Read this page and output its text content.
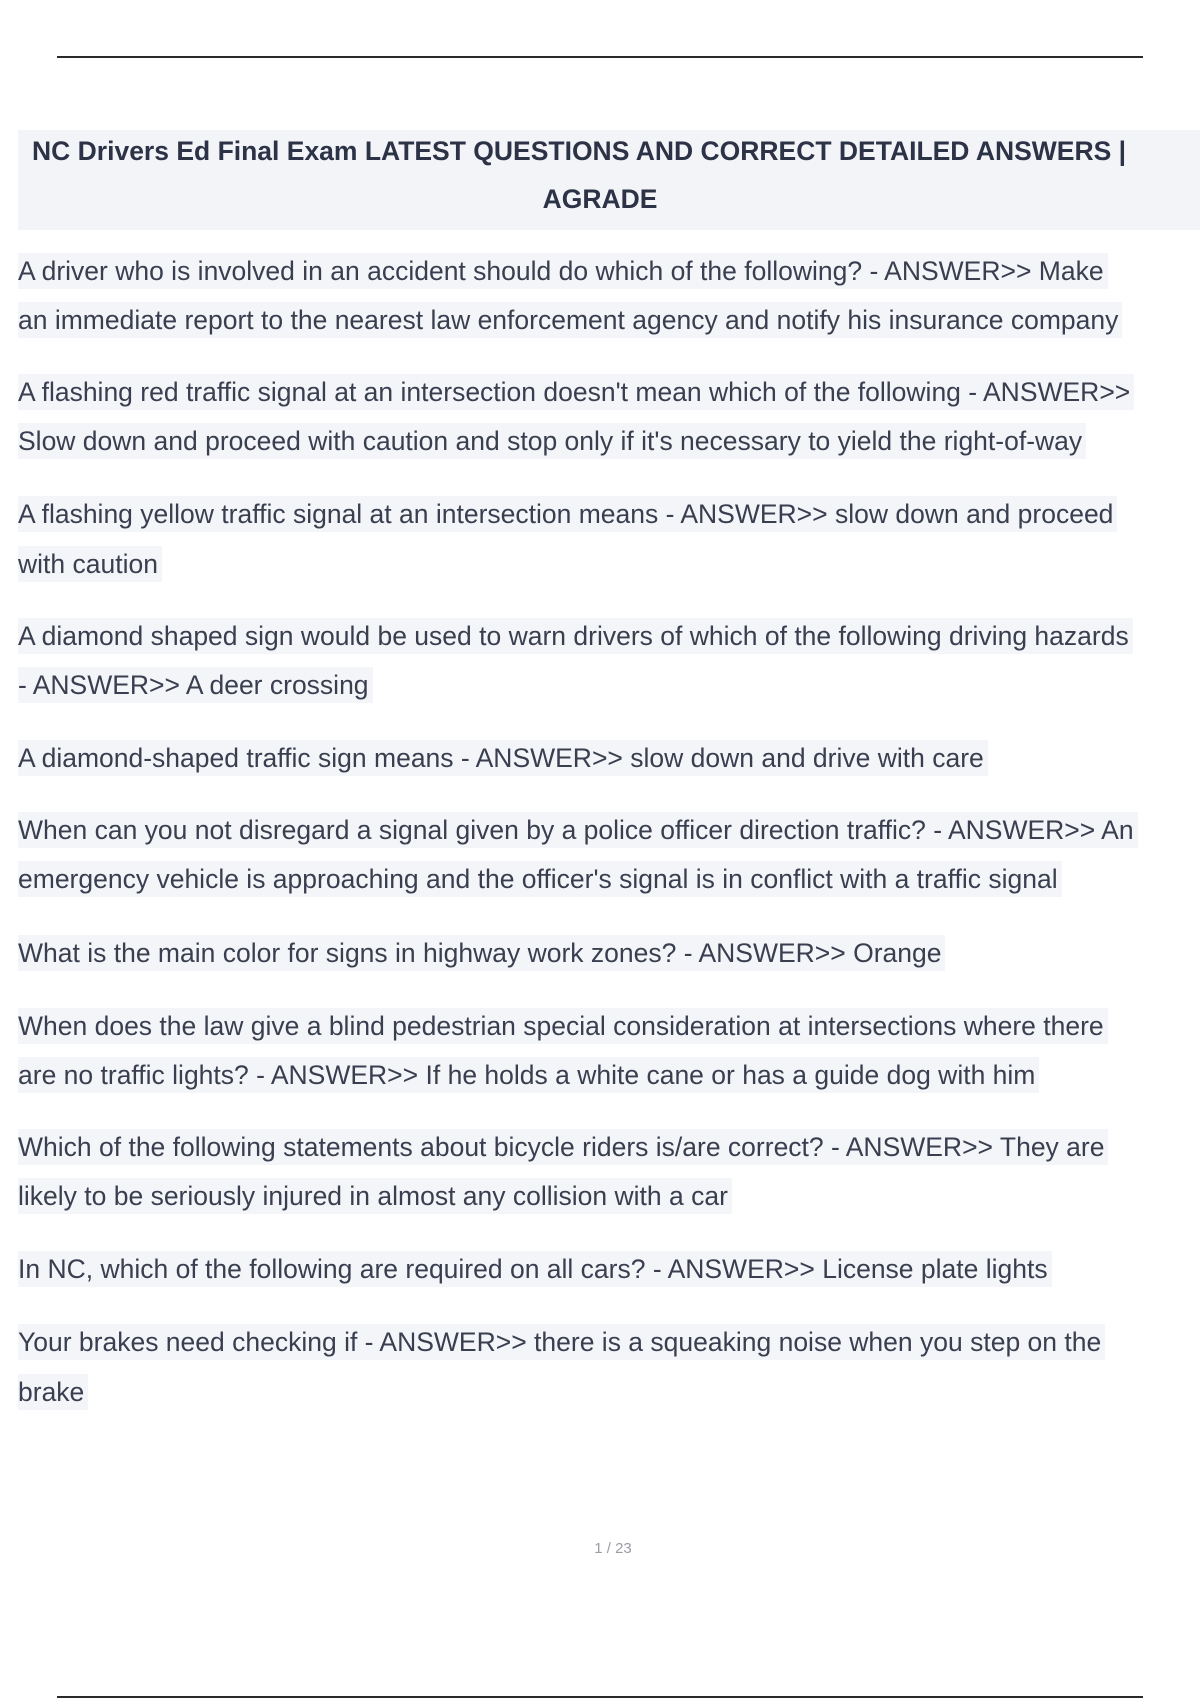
NC Drivers Ed Final Exam LATEST QUESTIONS AND CORRECT DETAILED ANSWERS |
AGRADE
A driver who is involved in an accident should do which of the following? - ANSWER>> Make
an immediate report to the nearest law enforcement agency and notify his insurance company
A flashing red traffic signal at an intersection doesn't mean which of the following - ANSWER>>
Slow down and proceed with caution and stop only if it's necessary to yield the right-of-way
A flashing yellow traffic signal at an intersection means - ANSWER>> slow down and proceed
with caution
A diamond shaped sign would be used to warn drivers of which of the following driving hazards
- ANSWER>> A deer crossing
A diamond-shaped traffic sign means - ANSWER>> slow down and drive with care
When can you not disregard a signal given by a police officer direction traffic? - ANSWER>> An
emergency vehicle is approaching and the officer's signal is in conflict with a traffic signal
What is the main color for signs in highway work zones? - ANSWER>> Orange
When does the law give a blind pedestrian special consideration at intersections where there
are no traffic lights? - ANSWER>> If he holds a white cane or has a guide dog with him
Which of the following statements about bicycle riders is/are correct? - ANSWER>> They are
likely to be seriously injured in almost any collision with a car
In NC, which of the following are required on all cars? - ANSWER>> License plate lights
Your brakes need checking if - ANSWER>> there is a squeaking noise when you step on the
brake
1 / 23
